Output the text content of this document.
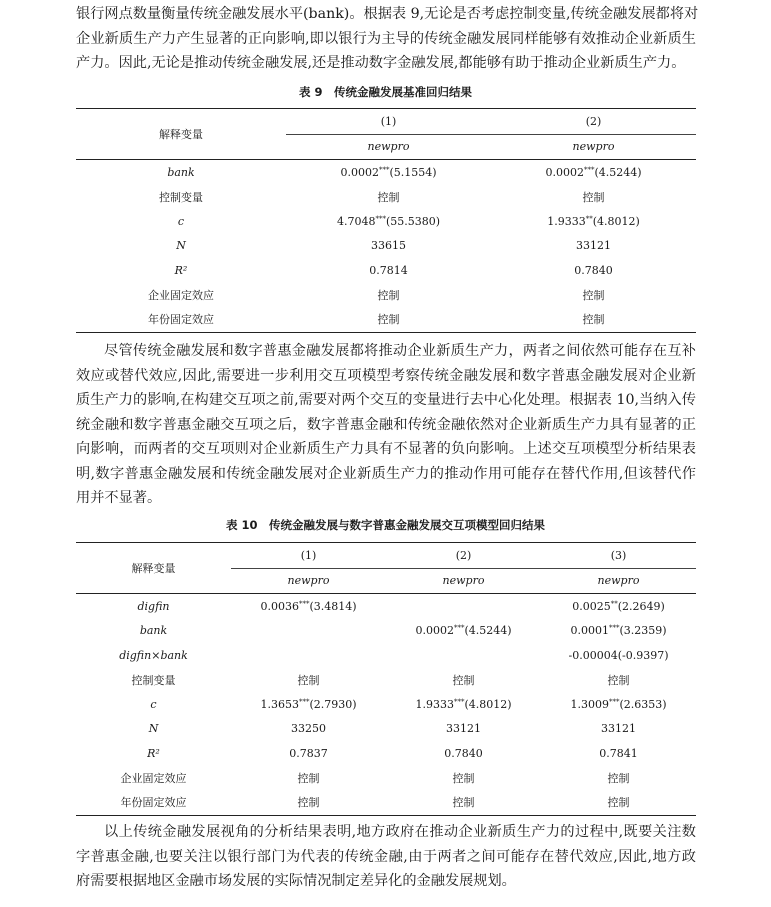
银行网点数量衡量传统金融发展水平(bank)。根据表 9,无论是否考虑控制变量,传统金融发展都将对
企业新质生产力产生显著的正向影响,即以银行为主导的传统金融发展同样能够有效推动企业新质生
产力。因此,无论是推动传统金融发展,还是推动数字金融发展,都能够有助于推动企业新质生产力。
表 9　传统金融发展基准回归结果
解释变量	(1)	(2)
	newpro	newpro
bank	0.0002***(5.1554)	0.0002***(4.5244)
控制变量	控制	控制
c	4.7048***(55.5380)	1.9333**(4.8012)
N	33615	33121
R²	0.7814	0.7840
企业固定效应	控制	控制
年份固定效应	控制	控制
尽管传统金融发展和数字普惠金融发展都将推动企业新质生产力，两者之间依然可能存在互补
效应或替代效应,因此,需要进一步利用交互项模型考察传统金融发展和数字普惠金融发展对企业新
质生产力的影响,在构建交互项之前,需要对两个交互的变量进行去中心化处理。根据表 10,当纳入传
统金融和数字普惠金融交互项之后，数字普惠金融和传统金融依然对企业新质生产力具有显著的正
向影响，而两者的交互项则对企业新质生产力具有不显著的负向影响。上述交互项模型分析结果表
明,数字普惠金融发展和传统金融发展对企业新质生产力的推动作用可能存在替代作用,但该替代作
用并不显著。
表 10　传统金融发展与数字普惠金融发展交互项模型回归结果
解释变量	(1)	(2)	(3)
	newpro	newpro	newpro
digfin	0.0036***(3.4814)		0.0025**(2.2649)
bank		0.0002***(4.5244)	0.0001***(3.2359)
digfin×bank			-0.00004(-0.9397)
控制变量	控制	控制	控制
c	1.3653***(2.7930)	1.9333***(4.8012)	1.3009***(2.6353)
N	33250	33121	33121
R²	0.7837	0.7840	0.7841
企业固定效应	控制	控制	控制
年份固定效应	控制	控制	控制
以上传统金融发展视角的分析结果表明,地方政府在推动企业新质生产力的过程中,既要关注数
字普惠金融,也要关注以银行部门为代表的传统金融,由于两者之间可能存在替代效应,因此,地方政
府需要根据地区金融市场发展的实际情况制定差异化的金融发展规划。
